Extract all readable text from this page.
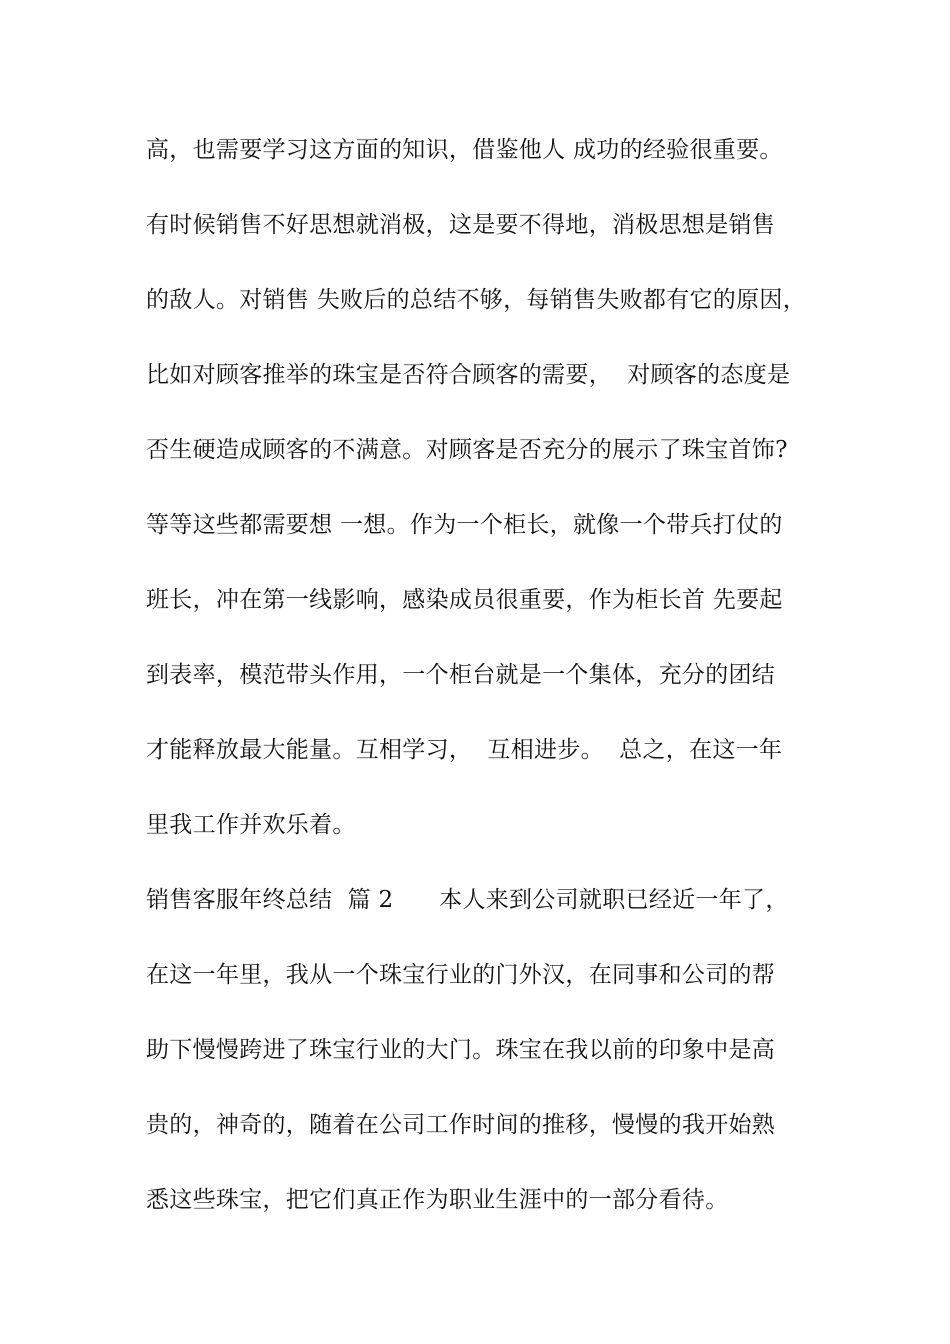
高，也需要学习这方面的知识，借鉴他人 成功的经验很重要。
有时候销售不好思想就消极，这是要不得地，消极思想是销售
的敌人。对销售 失败后的总结不够，每销售失败都有它的原因，
比如对顾客推举的珠宝是否符合顾客的需要，  对顾客的态度是
否生硬造成顾客的不满意。对顾客是否充分的展示了珠宝首饰?
等等这些都需要想 一想。作为一个柜长，就像一个带兵打仗的
班长，冲在第一线影响，感染成员很重要，作为柜长首 先要起
到表率，模范带头作用，一个柜台就是一个集体，充分的团结
才能释放最大能量。互相学习，  互相进步。  总之，在这一年
里我工作并欢乐着。
销售客服年终总结  篇 2      本人来到公司就职已经近一年了，
在这一年里，我从一个珠宝行业的门外汉，在同事和公司的帮
助下慢慢跨进了珠宝行业的大门。珠宝在我以前的印象中是高
贵的，神奇的，随着在公司工作时间的推移，慢慢的我开始熟
悉这些珠宝，把它们真正作为职业生涯中的一部分看待。
